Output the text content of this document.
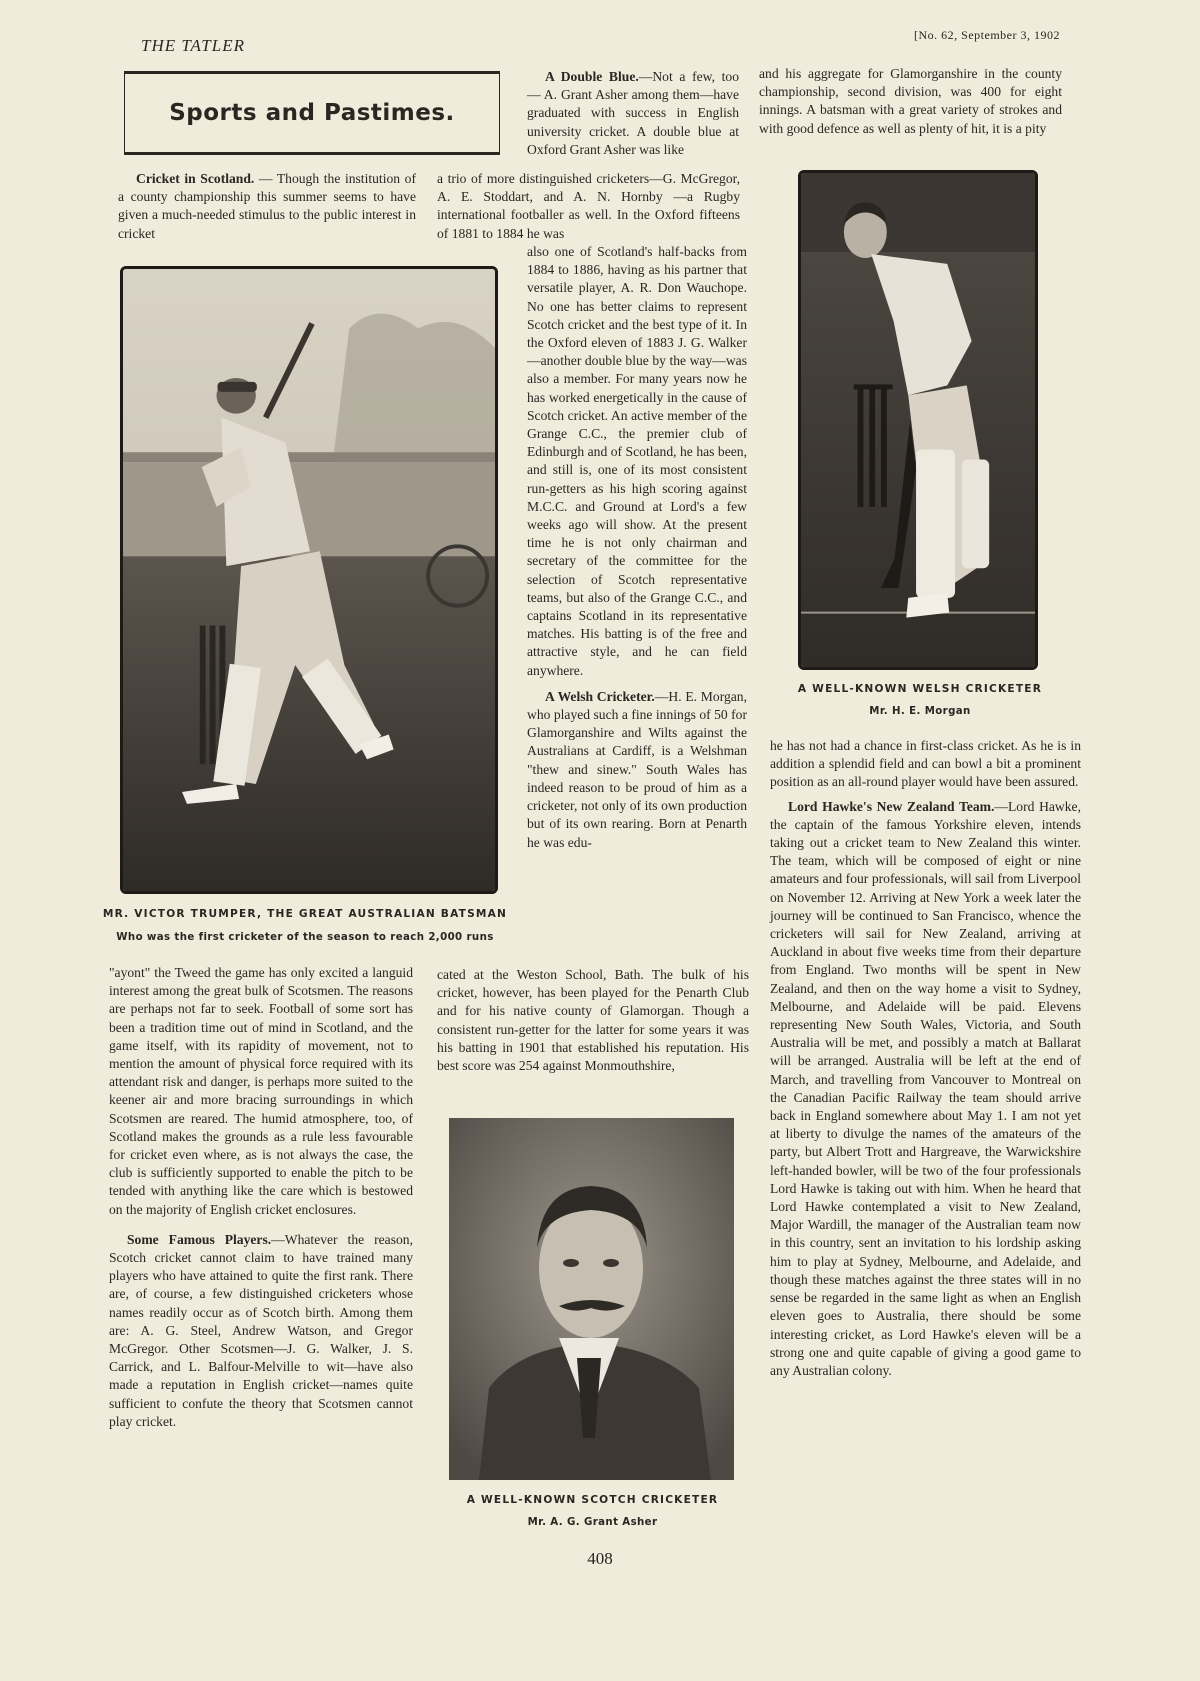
THE TATLER
[No. 62, September 3, 1902
Sports and Pastimes.

Cricket in Scotland. — Though the institution of a county championship this summer seems to have given a much-needed stimulus to the public interest in cricket

MR. VICTOR TRUMPER, THE GREAT AUSTRALIAN BATSMAN
Who was the first cricketer of the season to reach 2,000 runs

"ayont" the Tweed the game has only excited a languid interest among the great bulk of Scotsmen. The reasons are perhaps not far to seek. Football of some sort has been a tradition time out of mind in Scotland, and the game itself, with its rapidity of movement, not to mention the amount of physical force required with its attendant risk and danger, is perhaps more suited to the keener air and more bracing surroundings in which Scotsmen are reared. The humid atmosphere, too, of Scotland makes the grounds as a rule less favourable for cricket even where, as is not always the case, the club is sufficiently supported to enable the pitch to be tended with anything like the care which is bestowed on the majority of English cricket enclosures.

Some Famous Players.—Whatever the reason, Scotch cricket cannot claim to have trained many players who have attained to quite the first rank. There are, of course, a few distinguished cricketers whose names readily occur as of Scotch birth. Among them are: A. G. Steel, Andrew Watson, and Gregor McGregor. Other Scotsmen—J. G. Walker, J. S. Carrick, and L. Balfour-Melville to wit—have also made a reputation in English cricket—names quite sufficient to confute the theory that Scotsmen cannot play cricket.

A Double Blue.—Not a few, too — A. Grant Asher among them—have graduated with success in English university cricket. A double blue at Oxford Grant Asher was like

a trio of more distinguished cricketers—G. McGregor, A. E. Stoddart, and A. N. Hornby —a Rugby international footballer as well. In the Oxford fifteens of 1881 to 1884 he was

also one of Scotland's half-backs from 1884 to 1886, having as his partner that versatile player, A. R. Don Wauchope. No one has better claims to represent Scotch cricket and the best type of it. In the Oxford eleven of 1883 J. G. Walker—another double blue by the way—was also a member. For many years now he has worked energetically in the cause of Scotch cricket. An active member of the Grange C.C., the premier club of Edinburgh and of Scotland, he has been, and still is, one of its most consistent run-getters as his high scoring against M.C.C. and Ground at Lord's a few weeks ago will show. At the present time he is not only chairman and secretary of the committee for the selection of Scotch representative teams, but also of the Grange C.C., and captains Scotland in its representative matches. His batting is of the free and attractive style, and he can field anywhere.

A Welsh Cricketer.—H. E. Morgan, who played such a fine innings of 50 for Glamorganshire and Wilts against the Australians at Cardiff, is a Welshman "thew and sinew." South Wales has indeed reason to be proud of him as a cricketer, not only of its own production but of its own rearing. Born at Penarth he was edu-

cated at the Weston School, Bath. The bulk of his cricket, however, has been played for the Penarth Club and for his native county of Glamorgan. Though a consistent run-getter for the latter for some years it was his batting in 1901 that established his reputation. His best score was 254 against Monmouthshire,

A WELL-KNOWN SCOTCH CRICKETER
Mr. A. G. Grant Asher

and his aggregate for Glamorganshire in the county championship, second division, was 400 for eight innings. A batsman with a great variety of strokes and with good defence as well as plenty of hit, it is a pity

A WELL-KNOWN WELSH CRICKETER
Mr. H. E. Morgan

he has not had a chance in first-class cricket. As he is in addition a splendid field and can bowl a bit a prominent position as an all-round player would have been assured.

Lord Hawke's New Zealand Team.—Lord Hawke, the captain of the famous Yorkshire eleven, intends taking out a cricket team to New Zealand this winter. The team, which will be composed of eight or nine amateurs and four professionals, will sail from Liverpool on November 12. Arriving at New York a week later the journey will be continued to San Francisco, whence the cricketers will sail for New Zealand, arriving at Auckland in about five weeks time from their departure from England. Two months will be spent in New Zealand, and then on the way home a visit to Sydney, Melbourne, and Adelaide will be paid. Elevens representing New South Wales, Victoria, and South Australia will be met, and possibly a match at Ballarat will be arranged. Australia will be left at the end of March, and travelling from Vancouver to Montreal on the Canadian Pacific Railway the team should arrive back in England somewhere about May 1. I am not yet at liberty to divulge the names of the amateurs of the party, but Albert Trott and Hargreave, the Warwickshire left-handed bowler, will be two of the four professionals Lord Hawke is taking out with him. When he heard that Lord Hawke contemplated a visit to New Zealand, Major Wardill, the manager of the Australian team now in this country, sent an invitation to his lordship asking him to play at Sydney, Melbourne, and Adelaide, and though these matches against the three states will in no sense be regarded in the same light as when an English eleven goes to Australia, there should be some interesting cricket, as Lord Hawke's eleven will be a strong one and quite capable of giving a good game to any Australian colony.

408
